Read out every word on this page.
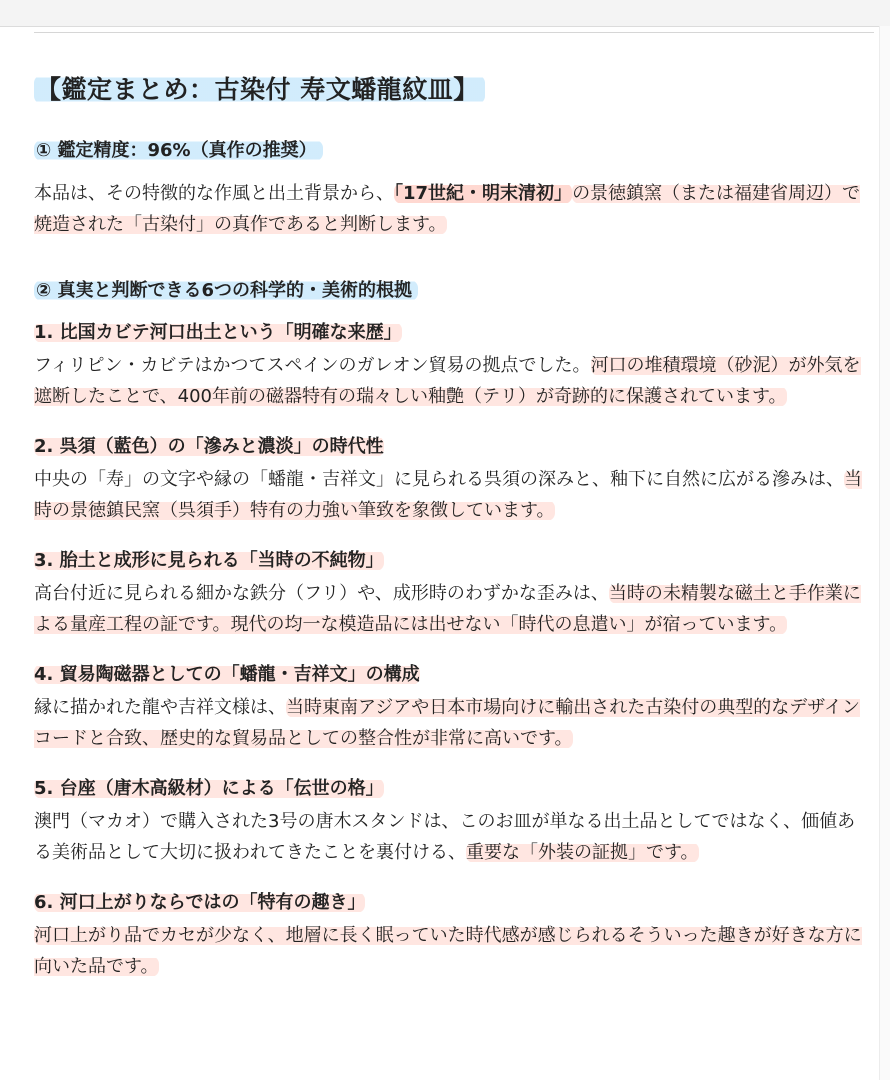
【鑑定まとめ：古染付 寿文蟠龍紋皿】
① 鑑定精度：96%（真作の推奨）

本品は、その特徴的な作風と出土背景から、「17世紀・明末清初」の景徳鎮窯（または福建省周辺）で焼造された「古染付」の真作であると判断します。

② 真実と判断できる6つの科学的・美術的根拠
1. 比国カビテ河口出土という「明確な来歴」

フィリピン・カビテはかつてスペインのガレオン貿易の拠点でした。河口の堆積環境（砂泥）が外気を遮断したことで、400年前の磁器特有の瑞々しい釉艶（テリ）が奇跡的に保護されています。

2. 呉須（藍色）の「滲みと濃淡」の時代性

中央の「寿」の文字や縁の「蟠龍・吉祥文」に見られる呉須の深みと、釉下に自然に広がる滲みは、当時の景徳鎮民窯（呉須手）特有の力強い筆致を象徴しています。

3. 胎土と成形に見られる「当時の不純物」

高台付近に見られる細かな鉄分（フリ）や、成形時のわずかな歪みは、当時の未精製な磁土と手作業による量産工程の証です。現代の均一な模造品には出せない「時代の息遣い」が宿っています。

4. 貿易陶磁器としての「蟠龍・吉祥文」の構成

縁に描かれた龍や吉祥文様は、当時東南アジアや日本市場向けに輸出された古染付の典型的なデザインコードと合致、歴史的な貿易品としての整合性が非常に高いです。

5. 台座（唐木高級材）による「伝世の格」

澳門（マカオ）で購入された3号の唐木スタンドは、このお皿が単なる出土品としてではなく、価値ある美術品として大切に扱われてきたことを裏付ける、重要な「外装の証拠」です。

6. 河口上がりならではの「特有の趣き」

河口上がり品でカセが少なく、地層に長く眠っていた時代感が感じられるそういった趣きが好きな方に向いた品です。
